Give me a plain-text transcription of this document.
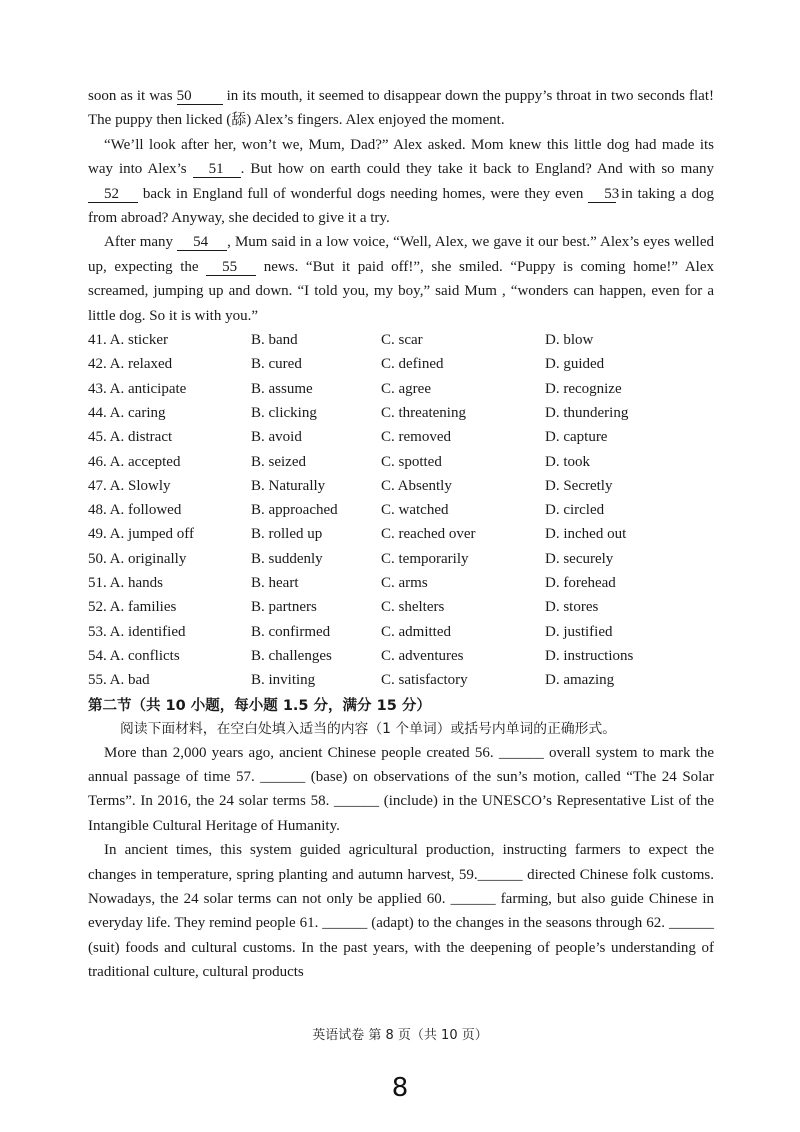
soon as it was 50 in its mouth, it seemed to disappear down the puppy’s throat in two seconds flat! The puppy then licked (舔) Alex’s fingers. Alex enjoyed the moment.

“We’ll look after her, won’t we, Mum, Dad?” Alex asked. Mom knew this little dog had made its way into Alex’s 51 . But how on earth could they take it back to England? And with so many 52 back in England full of wonderful dogs needing homes, were they even 53 in taking a dog from abroad? Anyway, she decided to give it a try.

After many 54 , Mum said in a low voice, “Well, Alex, we gave it our best.” Alex’s eyes welled up, expecting the 55 news. “But it paid off!”, she smiled. “Puppy is coming home!” Alex screamed, jumping up and down. “I told you, my boy,” said Mum , “wonders can happen, even for a little dog. So it is with you.”

41. A. sticker	B. band	C. scar	D. blow
42. A. relaxed	B. cured	C. defined	D. guided
43. A. anticipate	B. assume	C. agree	D. recognize
44. A. caring	B. clicking	C. threatening	D. thundering
45. A. distract	B. avoid	C. removed	D. capture
46. A. accepted	B. seized	C. spotted	D. took
47. A. Slowly	B. Naturally	C. Absently	D. Secretly
48. A. followed	B. approached	C. watched	D. circled
49. A. jumped off	B. rolled up	C. reached over	D. inched out
50. A. originally	B. suddenly	C. temporarily	D. securely
51. A. hands	B. heart	C. arms	D. forehead
52. A. families	B. partners	C. shelters	D. stores
53. A. identified	B. confirmed	C. admitted	D. justified
54. A. conflicts	B. challenges	C. adventures	D. instructions
55. A. bad	B. inviting	C. satisfactory	D. amazing

第二节（共 10 小题，每小题 1.5 分，满分 15 分）

阅读下面材料，在空白处填入适当的内容（1 个单词）或括号内单词的正确形式。

More than 2,000 years ago, ancient Chinese people created 56. ______ overall system to mark the annual passage of time 57. ______ (base) on observations of the sun’s motion, called “The 24 Solar Terms”. In 2016, the 24 solar terms 58. ______ (include) in the UNESCO’s Representative List of the Intangible Cultural Heritage of Humanity.

In ancient times, this system guided agricultural production, instructing farmers to expect the changes in temperature, spring planting and autumn harvest, 59.______ directed Chinese folk customs. Nowadays, the 24 solar terms can not only be applied 60. ______ farming, but also guide Chinese in everyday life. They remind people 61. ______ (adapt) to the changes in the seasons through 62. ______ (suit) foods and cultural customs. In the past years, with the deepening of people’s understanding of traditional culture, cultural products

英语试卷 第 8 页（共 10 页）
8
